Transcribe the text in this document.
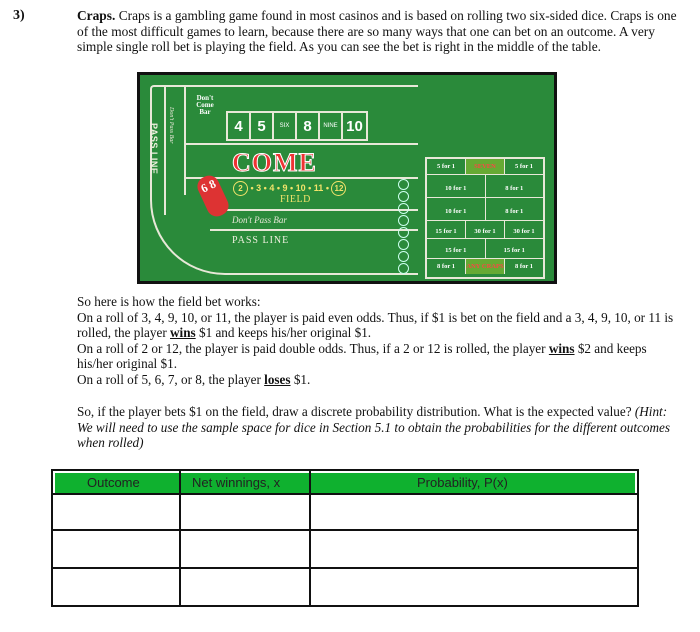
3)	Craps. Craps is a gambling game found in most casinos and is based on rolling two six-sided dice. Craps is one of the most difficult games to learn, because there are so many ways that one can bet on an outcome. A very simple single roll bet is playing the field. As you can see the bet is right in the middle of the table.
PASS LINE Don't Pass Bar
Don't Come Bar
4 5	SIX 8	NINE 10
COME
2 • 3 • 4 • 9 • 10 • 11 • 12
FIELD
Don't Pass Bar
PASS LINE
6 8
5 for 1	SEVEN	5 for 1
10 for 1	8 for 1
10 for 1	8 for 1
15 for 1	30 for 1	30 for 1
15 for 1	15 for 1
8 for 1	ANY CRAPS	8 for 1

So here is how the field bet works:

On a roll of 3, 4, 9, 10, or 11, the player is paid even odds. Thus, if $1 is bet on the field and a 3, 4, 9, 10, or 11 is rolled, the player wins $1 and keeps his/her original $1.

On a roll of 2 or 12, the player is paid double odds. Thus, if a 2 or 12 is rolled, the player wins $2 and keeps his/her original $1.

On a roll of 5, 6, 7, or 8, the player loses $1.

So, if the player bets $1 on the field, draw a discrete probability distribution. What is the expected value? (Hint: We will need to use the sample space for dice in Section 5.1 to obtain the probabilities for the different outcomes when rolled)
Outcome	Net winnings, x	Probability, P(x)
